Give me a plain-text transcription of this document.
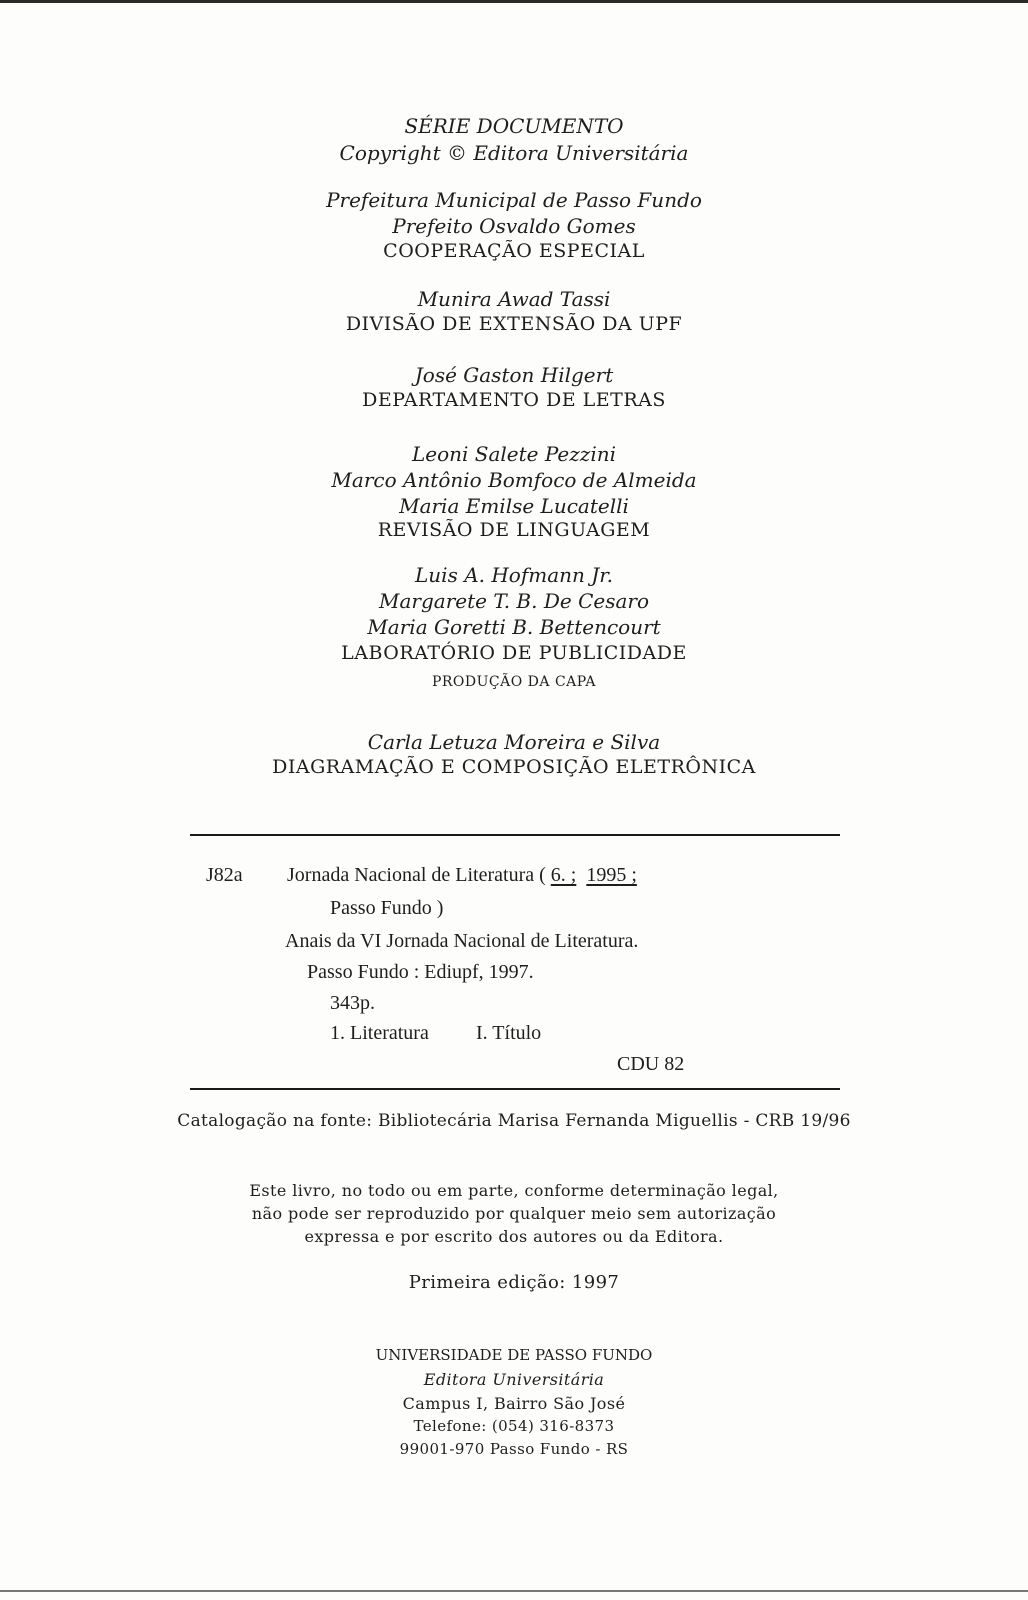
SÉRIE DOCUMENTO
Copyright © Editora Universitária
Prefeitura Municipal de Passo Fundo
Prefeito Osvaldo Gomes
COOPERAÇÃO ESPECIAL
Munira Awad Tassi
DIVISÃO DE EXTENSÃO DA UPF
José Gaston Hilgert
DEPARTAMENTO DE LETRAS
Leoni Salete Pezzini
Marco Antônio Bomfoco de Almeida
Maria Emilse Lucatelli
REVISÃO DE LINGUAGEM
Luis A. Hofmann Jr.
Margarete T. B. De Cesaro
Maria Goretti B. Bettencourt
LABORATÓRIO DE PUBLICIDADE
PRODUÇÃO DA CAPA
Carla Letuza Moreira e Silva
DIAGRAMAÇÃO E COMPOSIÇÃO ELETRÔNICA
J82a Jornada Nacional de Literatura ( 6. ; 1995 ;
Passo Fundo )
Anais da VI Jornada Nacional de Literatura.
Passo Fundo : Ediupf, 1997.
343p.
1. Literatura I. Título
CDU 82
Catalogação na fonte: Bibliotecária Marisa Fernanda Miguellis - CRB 19/96
Este livro, no todo ou em parte, conforme determinação legal,
não pode ser reproduzido por qualquer meio sem autorização
expressa e por escrito dos autores ou da Editora.
Primeira edição: 1997
UNIVERSIDADE DE PASSO FUNDO
Editora Universitária
Campus I, Bairro São José
Telefone: (054) 316-8373
99001-970 Passo Fundo - RS
